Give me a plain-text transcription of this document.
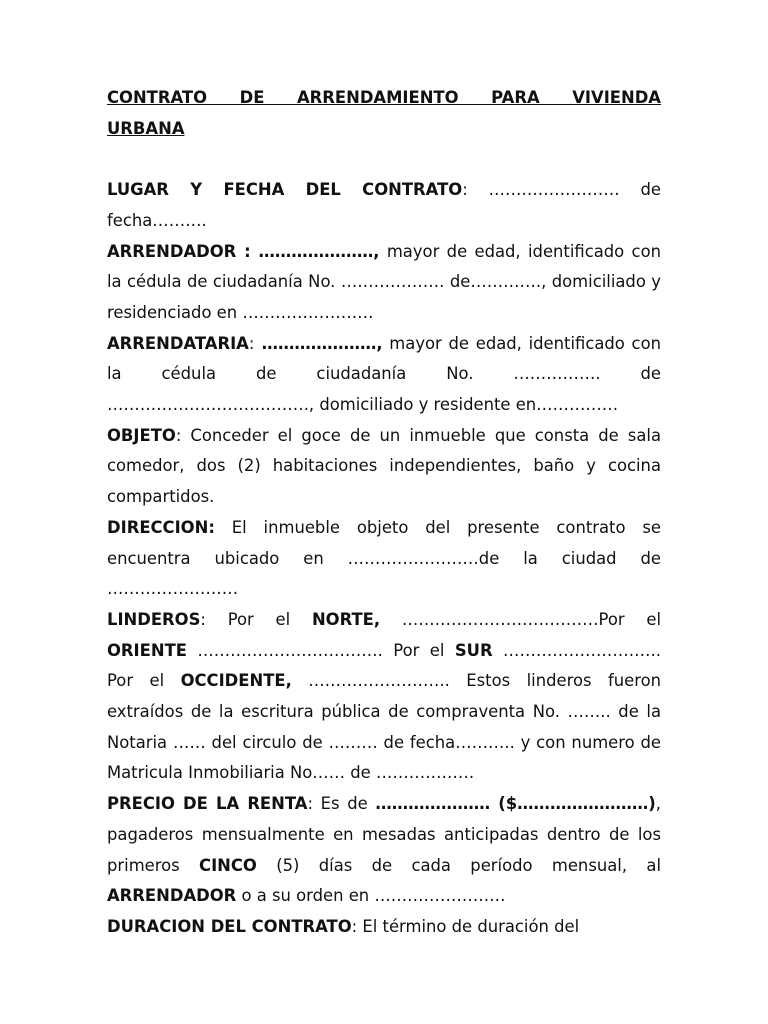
CONTRATO DE ARRENDAMIENTO PARA VIVIENDA
URBANA

LUGAR Y FECHA DEL CONTRATO: …………………… de fecha……….

ARRENDADOR : …………………, mayor de edad, identificado con la cédula de ciudadanía No. ………………. de…………., domiciliado y residenciado en ……………………

ARRENDATARIA: …………………, mayor de edad, identificado con la cédula de ciudadanía No. ……………. de ………………………………., domiciliado y residente en……………

OBJETO: Conceder el goce de un inmueble que consta de sala comedor, dos (2) habitaciones independientes, baño y cocina compartidos.

DIRECCION: El inmueble objeto del presente contrato se encuentra ubicado en ……………………de la ciudad de ……………………

LINDEROS: Por el NORTE, ………………………………Por el ORIENTE ……………………………. Por el SUR ……………………….. Por el OCCIDENTE, …………………….. Estos linderos fueron extraídos de la escritura pública de compraventa No. …….. de la Notaria …… del circulo de ……… de fecha……….. y con numero de Matricula Inmobiliaria No…… de ………………

PRECIO DE LA RENTA: Es de ………………… ($……………………), pagaderos mensualmente en mesadas anticipadas dentro de los primeros CINCO (5) días de cada período mensual, al ARRENDADOR o a su orden en ……………………

DURACION DEL CONTRATO: El término de duración del
